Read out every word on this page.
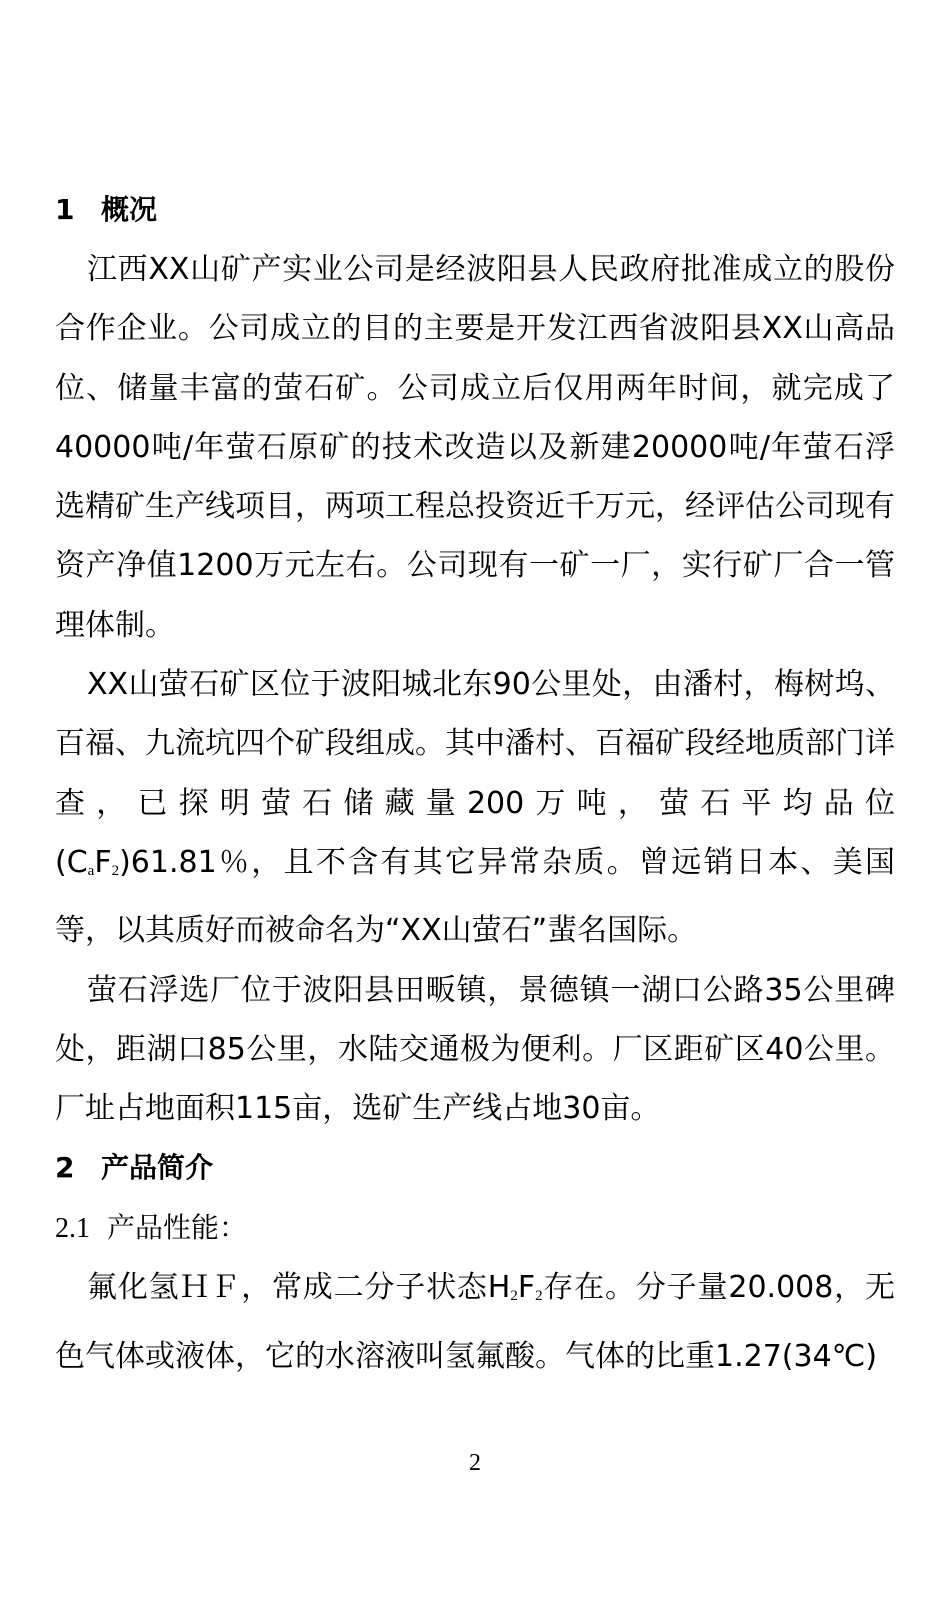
1 概况

江西XX山矿产实业公司是经波阳县人民政府批准成立的股份合作企业。公司成立的目的主要是开发江西省波阳县XX山高品位、储量丰富的萤石矿。公司成立后仅用两年时间，就完成了40000吨/年萤石原矿的技术改造以及新建20000吨/年萤石浮选精矿生产线项目，两项工程总投资近千万元，经评估公司现有资产净值1200万元左右。公司现有一矿一厂，实行矿厂合一管理体制。

XX山萤石矿区位于波阳城北东90公里处，由潘村，梅树坞、百福、九流坑四个矿段组成。其中潘村、百福矿段经地质部门详查，已探明萤石储藏量200万吨，萤石平均品位$(C_aF_2)61.81$％，且不含有其它异常杂质。曾远销日本、美国等，以其质好而被命名为“XX山萤石”蜚名国际。

萤石浮选厂位于波阳县田畈镇，景德镇一湖口公路35公里碑处，距湖口85公里，水陆交通极为便利。厂区距矿区40公里。厂址占地面积115亩，选矿生产线占地30亩。

2 产品简介
2.1 产品性能：

氟化氢ＨＦ，常成二分子状态$H_2F_2$存在。分子量20.008，无色气体或液体，它的水溶液叫氢氟酸。气体的比重1.27(34℃)

2
